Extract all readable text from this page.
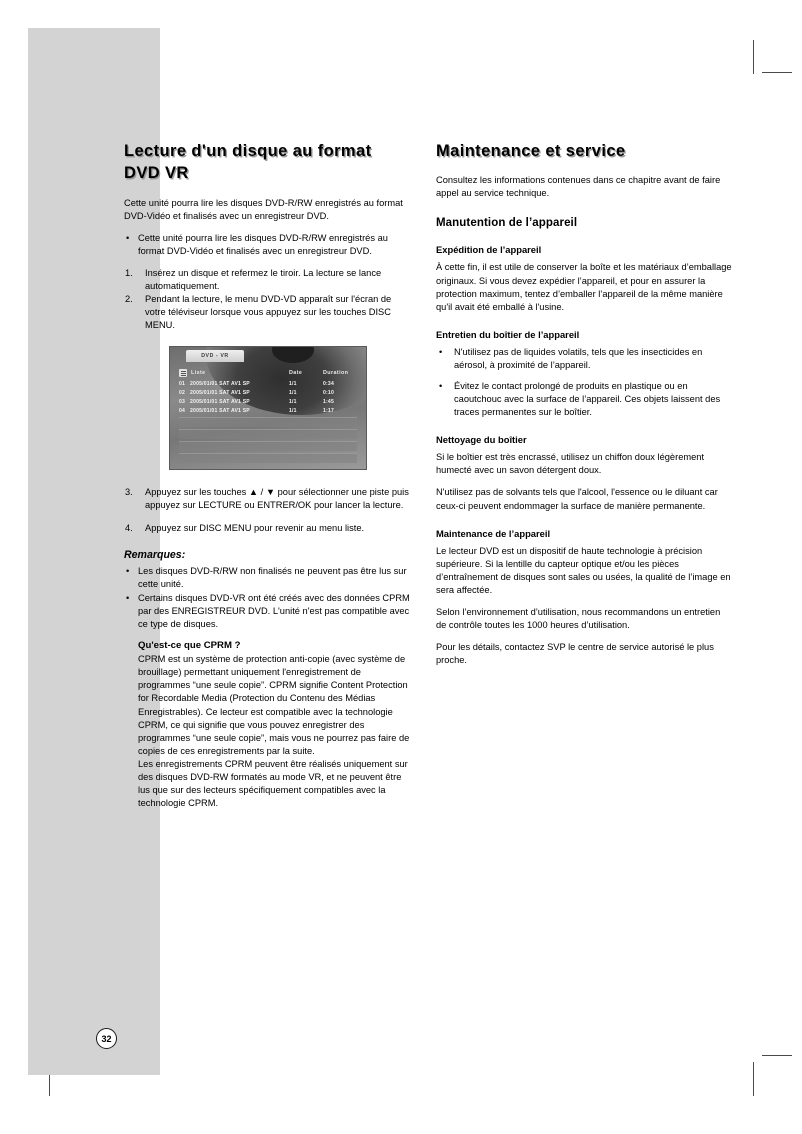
Lecture d'un disque au format DVD VR

Cette unité pourra lire les disques DVD-R/RW enregistrés au format DVD-Vidéo et finalisés avec un enregistreur DVD.

• Cette unité pourra lire les disques DVD-R/RW enregistrés au format DVD-Vidéo et finalisés avec un enregistreur DVD.
1. Insérez un disque et refermez le tiroir. La lecture se lance automatiquement.
2. Pendant la lecture, le menu DVD-VD apparaît sur l'écran de votre téléviseur lorsque vous appuyez sur les touches DISC MENU.
DVD - VR
Liste	Date	Duration
01 2005/01/01 SAT AV1 SP	1/1	0:34
02 2005/01/01 SAT AV1 SP	1/1	0:10
03 2005/01/01 SAT AV1 SP	1/1	1:45
04 2005/01/01 SAT AV1 SP	1/1	1:17
3. Appuyez sur les touches ▲ / ▼ pour sélectionner une piste puis appuyez sur LECTURE ou ENTRER/OK pour lancer la lecture.
4. Appuyez sur DISC MENU pour revenir au menu liste.
Remarques:
• Les disques DVD-R/RW non finalisés ne peuvent pas être lus sur cette unité.
• Certains disques DVD-VR ont été créés avec des données CPRM par des ENREGISTREUR DVD. L'unité n'est pas compatible avec ce type de disques.
Qu'est-ce que CPRM ?

CPRM est un système de protection anti-copie (avec système de brouillage) permettant uniquement l'enregistrement de programmes “une seule copie”. CPRM signifie Content Protection for Recordable Media (Protection du Contenu des Médias Enregistrables). Ce lecteur est compatible avec la technologie CPRM, ce qui signifie que vous pouvez enregistrer des programmes “une seule copie”, mais vous ne pourrez pas faire de copies de ces enregistrements par la suite.

Les enregistrements CPRM peuvent être réalisés uniquement sur des disques DVD-RW formatés au mode VR, et ne peuvent être lus que sur des lecteurs spécifiquement compatibles avec la technologie CPRM.

Maintenance et service

Consultez les informations contenues dans ce chapitre avant de faire appel au service technique.

Manutention de l’appareil
Expédition de l’appareil

À cette fin, il est utile de conserver la boîte et les matériaux d’emballage originaux. Si vous devez expédier l’appareil, et pour en assurer la protection maximum, tentez d’emballer l’appareil de la même manière qu'il avait été emballé à l'usine.

Entretien du boîtier de l’appareil
• N'utilisez pas de liquides volatils, tels que les insecticides en aérosol, à proximité de l’appareil.
• Évitez le contact prolongé de produits en plastique ou en caoutchouc avec la surface de l’appareil. Ces objets laissent des traces permanentes sur le boîtier.
Nettoyage du boîtier

Si le boîtier est très encrassé, utilisez un chiffon doux légèrement humecté avec un savon détergent doux.

N'utilisez pas de solvants tels que l'alcool, l'essence ou le diluant car ceux-ci peuvent endommager la surface de manière permanente.

Maintenance de l’appareil

Le lecteur DVD est un dispositif de haute technologie à précision supérieure. Si la lentille du capteur optique et/ou les pièces d’entraînement de disques sont sales ou usées, la qualité de l’image en sera affectée.

Selon l’environnement d’utilisation, nous recommandons un entretien de contrôle toutes les 1000 heures d’utilisation.

Pour les détails, contactez SVP le centre de service autorisé le plus proche.

32
